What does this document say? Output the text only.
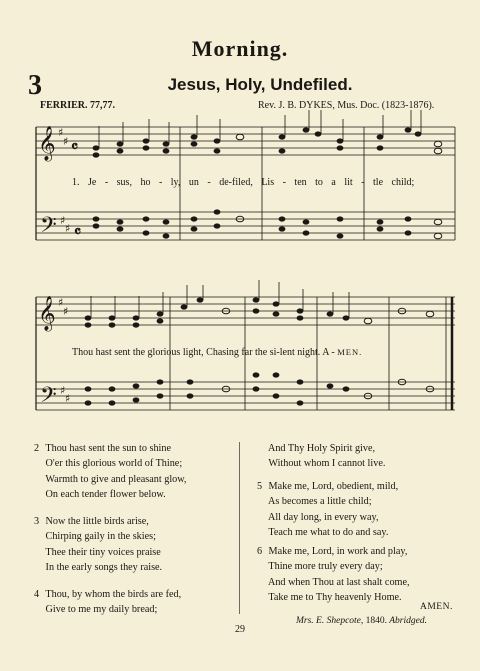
Morning.
3	Jesus, Holy, Undefiled.
FERRIER. 77,77.	Rev. J. B. DYKES, Mus. Doc. (1823-1876).
𝄞
𝄢
𝄞
𝄢
♯
♯
♯
♯
♯
♯
♯
♯
𝄴
𝄴
1. Je - sus, ho - ly, un - de-filed, Lis - ten to a lit - tle child;
Thou hast sent the glorious light, Chasing far the si-lent night. A - MEN.
2 Thou hast sent the sun to shine
O'er this glorious world of Thine;
Warmth to give and pleasant glow,
On each tender flower below.
3 Now the little birds arise,
Chirping gaily in the skies;
Thee their tiny voices praise
In the early songs they raise.
4 Thou, by whom the birds are fed,
Give to me my daily bread;
And Thy Holy Spirit give,
Without whom I cannot live.
5 Make me, Lord, obedient, mild,
As becomes a little child;
All day long, in every way,
Teach me what to do and say.
6 Make me, Lord, in work and play,
Thine more truly every day;
And when Thou at last shalt come,
Take me to Thy heavenly Home.
AMEN.
Mrs. E. Shepcote, 1840. Abridged.
29
